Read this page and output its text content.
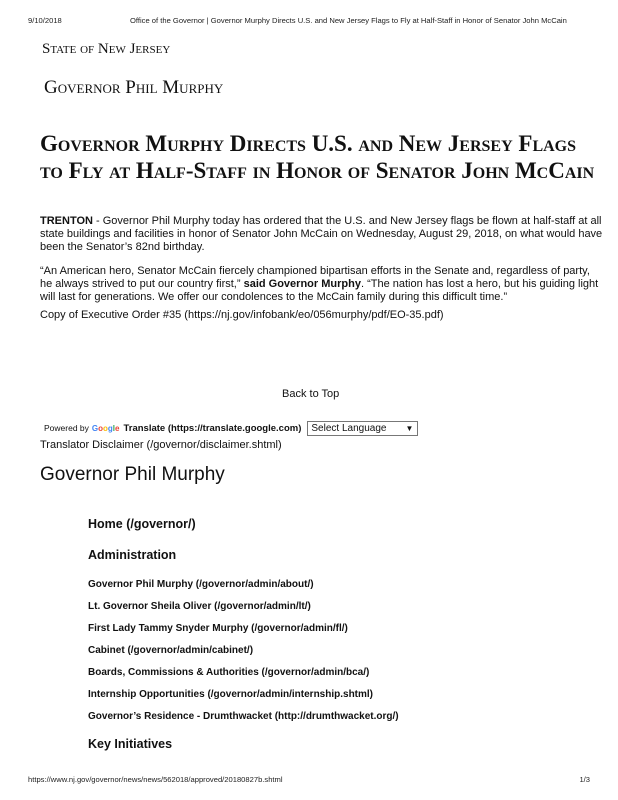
9/10/2018	Office of the Governor | Governor Murphy Directs U.S. and New Jersey Flags to Fly at Half-Staff in Honor of Senator John McCain
State of New Jersey
Governor Phil Murphy
Governor Murphy Directs U.S. and New Jersey Flags to Fly at Half-Staff in Honor of Senator John McCain

TRENTON - Governor Phil Murphy today has ordered that the U.S. and New Jersey flags be flown at half-staff at all state buildings and facilities in honor of Senator John McCain on Wednesday, August 29, 2018, on what would have been the Senator’s 82nd birthday.

“An American hero, Senator McCain fiercely championed bipartisan efforts in the Senate and, regardless of party, he always strived to put our country first,” said Governor Murphy. “The nation has lost a hero, but his guiding light will last for generations. We offer our condolences to the McCain family during this difficult time.”

Copy of Executive Order #35 (https://nj.gov/infobank/eo/056murphy/pdf/EO-35.pdf)

Back to Top
Powered by Google Translate (https://translate.google.com) Select Language ▼
Translator Disclaimer (/governor/disclaimer.shtml)
Governor Phil Murphy
Home (/governor/)
Administration
Governor Phil Murphy (/governor/admin/about/)
Lt. Governor Sheila Oliver (/governor/admin/lt/)
First Lady Tammy Snyder Murphy (/governor/admin/fl/)
Cabinet (/governor/admin/cabinet/)
Boards, Commissions & Authorities (/governor/admin/bca/)
Internship Opportunities (/governor/admin/internship.shtml)
Governor’s Residence - Drumthwacket (http://drumthwacket.org/)
Key Initiatives
https://www.nj.gov/governor/news/news/562018/approved/20180827b.shtml	1/3
